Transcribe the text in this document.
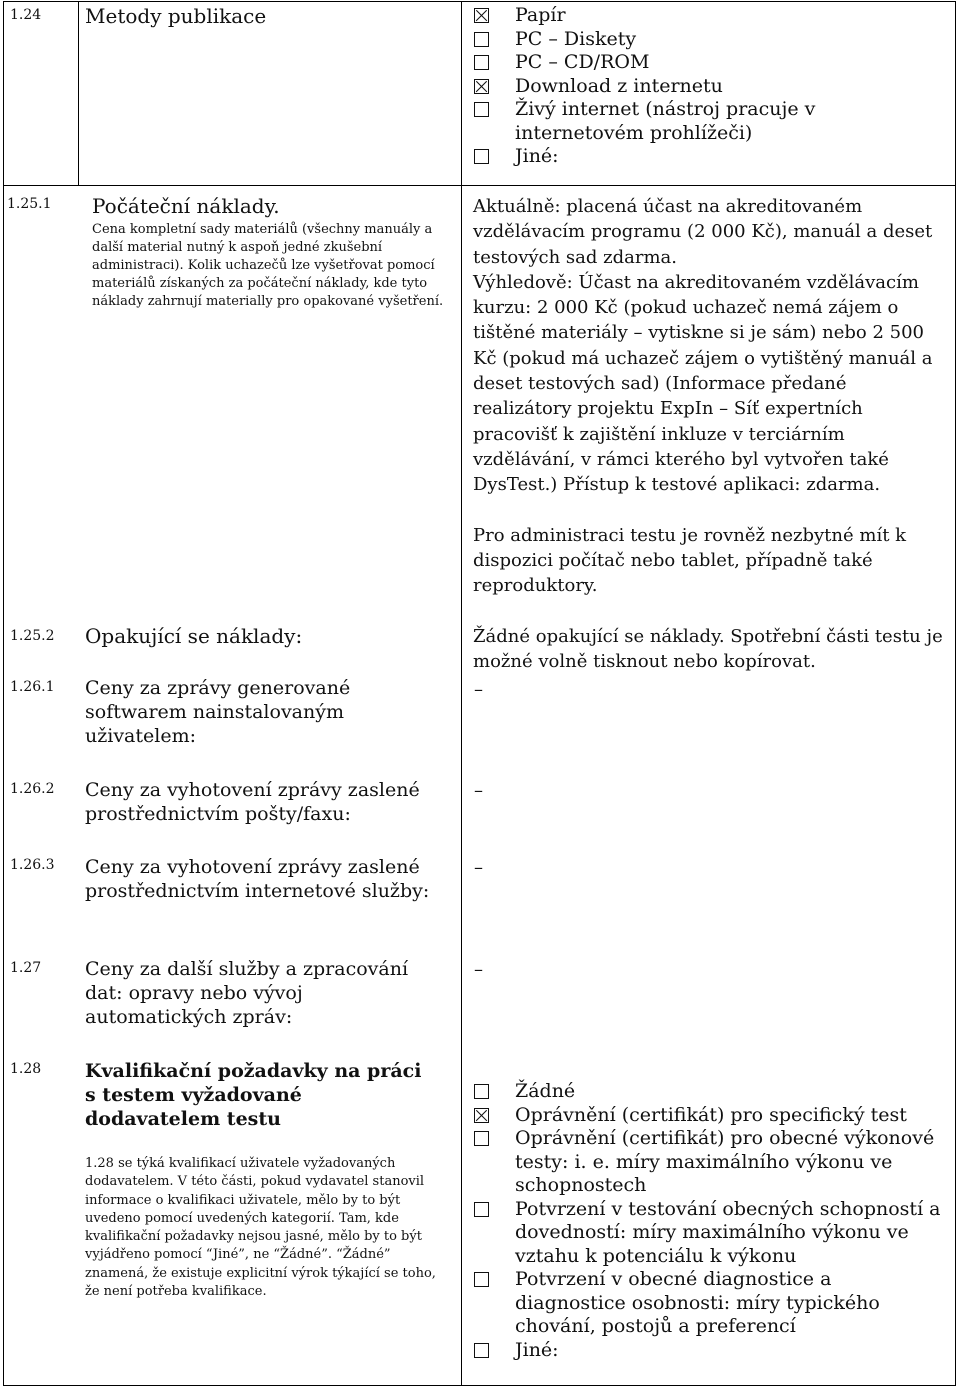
1.24 Metody publikace	Papír
PC – Diskety
PC – CD/ROM
Download z internetu
Živý internet (nástroj pracuje v internetovém prohlížeči)
Jiné:
1.25.1 Počáteční náklady.
Cena kompletní sady materiálů (všechny manuály a další material nutný k aspoň jedné zkušební administraci). Kolik uchazečů lze vyšetřovat pomocí materiálů získaných za počáteční náklady, kde tyto náklady zahrnují materially pro opakované vyšetření.

Aktuálně: placená účast na akreditovaném vzdělávacím programu (2 000 Kč), manuál a deset testových sad zdarma.

Výhledově: Účast na akreditovaném vzdělávacím kurzu: 2 000 Kč (pokud uchazeč nemá zájem o tištěné materiály – vytiskne si je sám) nebo 2 500 Kč (pokud má uchazeč zájem o vytištěný manuál a deset testových sad) (Informace předané realizátory projektu ExpIn – Síť expertních pracovišť k zajištění inkluze v terciárním vzdělávání, v rámci kterého byl vytvořen také DysTest.) Přístup k testové aplikaci: zdarma.

Pro administraci testu je rovněž nezbytné mít k dispozici počítač nebo tablet, případně také reproduktory.

1.25.2 Opakující se náklady:	Žádné opakující se náklady. Spotřební části testu je možné volně tisknout nebo kopírovat.
1.26.1 Ceny za zprávy generované softwarem nainstalovaným uživatelem:
–
1.26.2 Ceny za vyhotovení zprávy zaslené prostřednictvím pošty/faxu:
–
1.26.3 Ceny za vyhotovení zprávy zaslené prostřednictvím internetové služby:
–
1.27 Ceny za další služby a zpracování dat: opravy nebo vývoj automatických zpráv:
–
1.28 Kvalifikační požadavky na práci s testem vyžadované dodavatelem testu
1.28 se týká kvalifikací uživatele vyžadovaných dodavatelem. V této části, pokud vydavatel stanovil informace o kvalifikaci uživatele, mělo by to být uvedeno pomocí uvedených kategorií. Tam, kde kvalifikační požadavky nejsou jasné, mělo by to být vyjádřeno pomocí “Jiné”, ne “Žádné”. “Žádné” znamená, že existuje explicitní výrok týkající se toho, že není potřeba kvalifikace.
Žádné
Oprávnění (certifikát) pro specifický test
Oprávnění (certifikát) pro obecné výkonové testy: i. e. míry maximálního výkonu ve schopnostech
Potvrzení v testování obecných schopností a dovedností: míry maximálního výkonu ve vztahu k potenciálu k výkonu
Potvrzení v obecné diagnostice a diagnostice osobnosti: míry typického chování, postojů a preferencí
Jiné:
